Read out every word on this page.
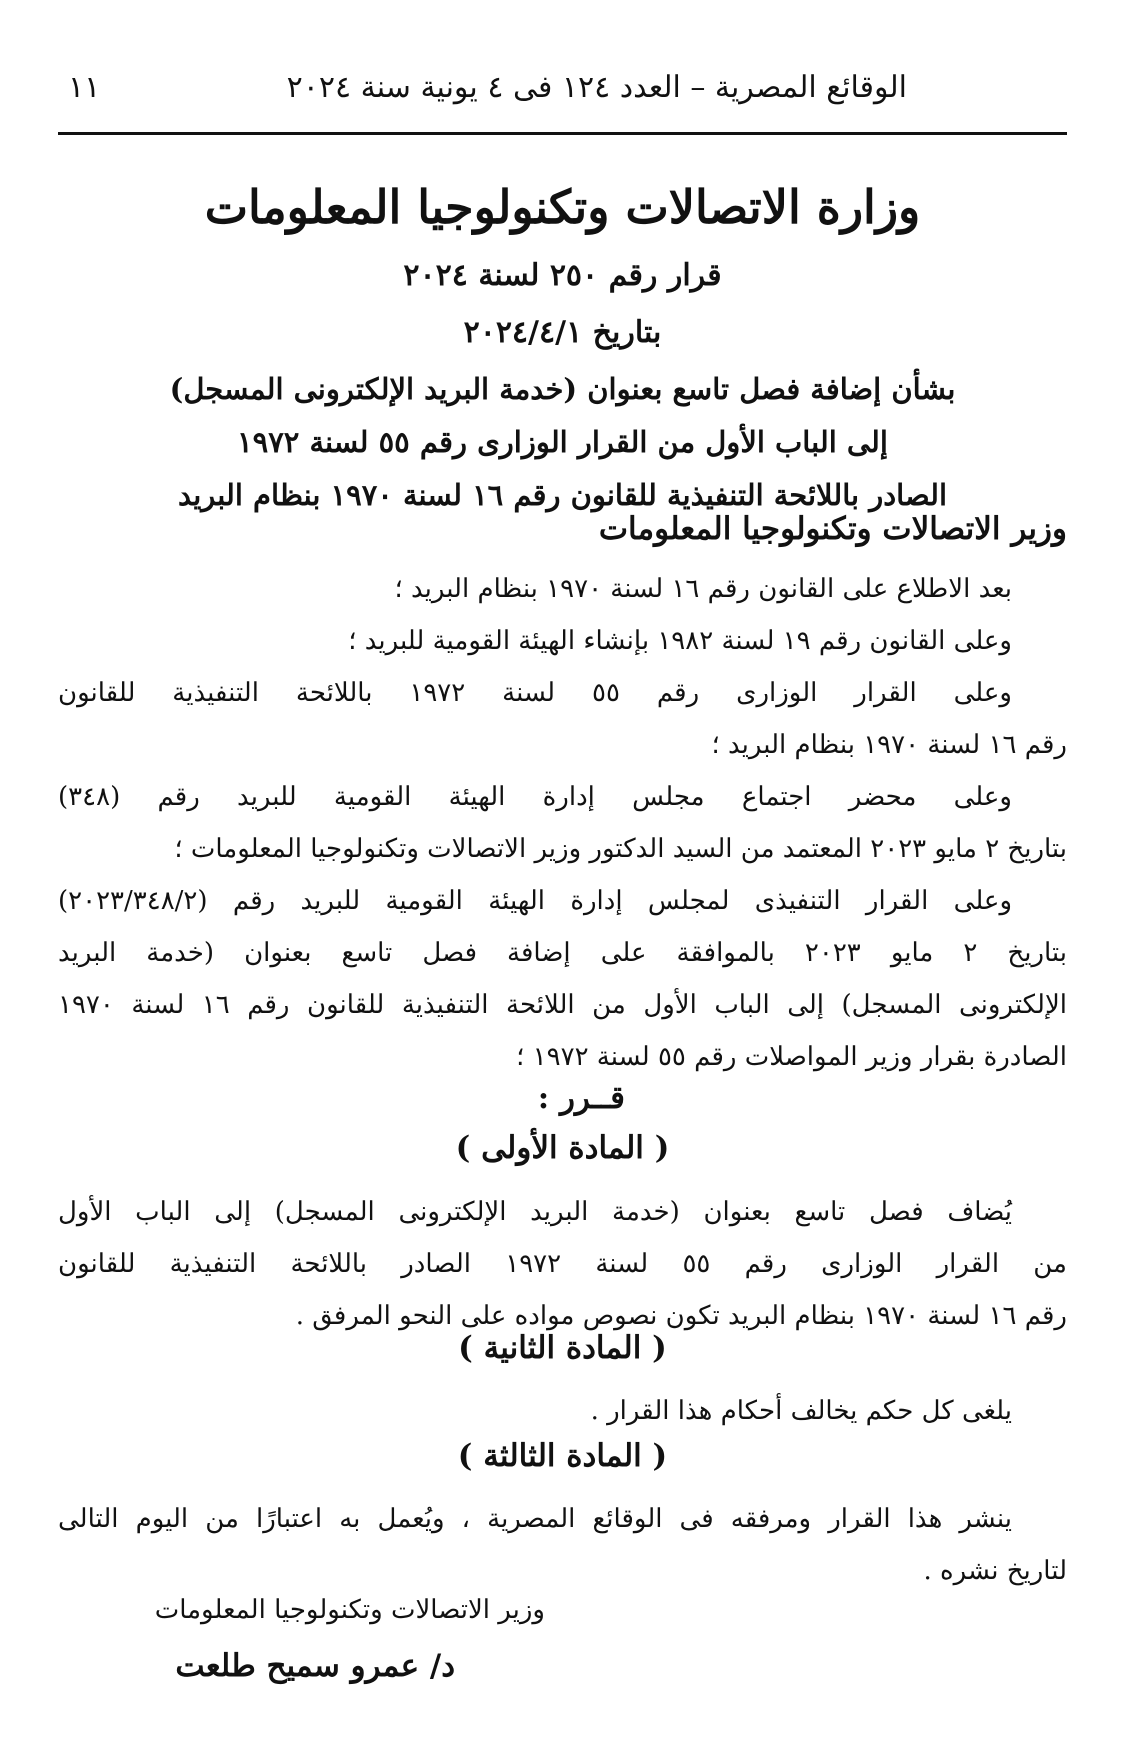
الوقائع المصرية – العدد ١٢٤ فى ٤ يونية سنة ٢٠٢٤
١١
وزارة الاتصالات وتكنولوجيا المعلومات
قرار رقم ٢٥٠ لسنة ٢٠٢٤
بتاريخ ٢٠٢٤/٤/١
بشأن إضافة فصل تاسع بعنوان (خدمة البريد الإلكترونى المسجل)
إلى الباب الأول من القرار الوزارى رقم ٥٥ لسنة ١٩٧٢
الصادر باللائحة التنفيذية للقانون رقم ١٦ لسنة ١٩٧٠ بنظام البريد
وزير الاتصالات وتكنولوجيا المعلومات

بعد الاطلاع على القانون رقم ١٦ لسنة ١٩٧٠ بنظام البريد ؛

وعلى القانون رقم ١٩ لسنة ١٩٨٢ بإنشاء الهيئة القومية للبريد ؛

وعلى القرار الوزارى رقم ٥٥ لسنة ١٩٧٢ باللائحة التنفيذية للقانون
رقم ١٦ لسنة ١٩٧٠ بنظام البريد ؛

وعلى محضر اجتماع مجلس إدارة الهيئة القومية للبريد رقم (٣٤٨)
بتاريخ ٢ مايو ٢٠٢٣ المعتمد من السيد الدكتور وزير الاتصالات وتكنولوجيا المعلومات ؛

وعلى القرار التنفيذى لمجلس إدارة الهيئة القومية للبريد رقم (٢٠٢٣/٣٤٨/٢)
بتاريخ ٢ مايو ٢٠٢٣ بالموافقة على إضافة فصل تاسع بعنوان (خدمة البريد
الإلكترونى المسجل) إلى الباب الأول من اللائحة التنفيذية للقانون رقم ١٦ لسنة ١٩٧٠
الصادرة بقرار وزير المواصلات رقم ٥٥ لسنة ١٩٧٢ ؛

قــرر :
( المادة الأولى )
يُضاف فصل تاسع بعنوان (خدمة البريد الإلكترونى المسجل) إلى الباب الأول
من القرار الوزارى رقم ٥٥ لسنة ١٩٧٢ الصادر باللائحة التنفيذية للقانون
رقم ١٦ لسنة ١٩٧٠ بنظام البريد تكون نصوص مواده على النحو المرفق .
( المادة الثانية )
يلغى كل حكم يخالف أحكام هذا القرار .
( المادة الثالثة )
ينشر هذا القرار ومرفقه فى الوقائع المصرية ، ويُعمل به اعتبارًا من اليوم التالى
لتاريخ نشره .
وزير الاتصالات وتكنولوجيا المعلومات
د/ عمرو سميح طلعت
